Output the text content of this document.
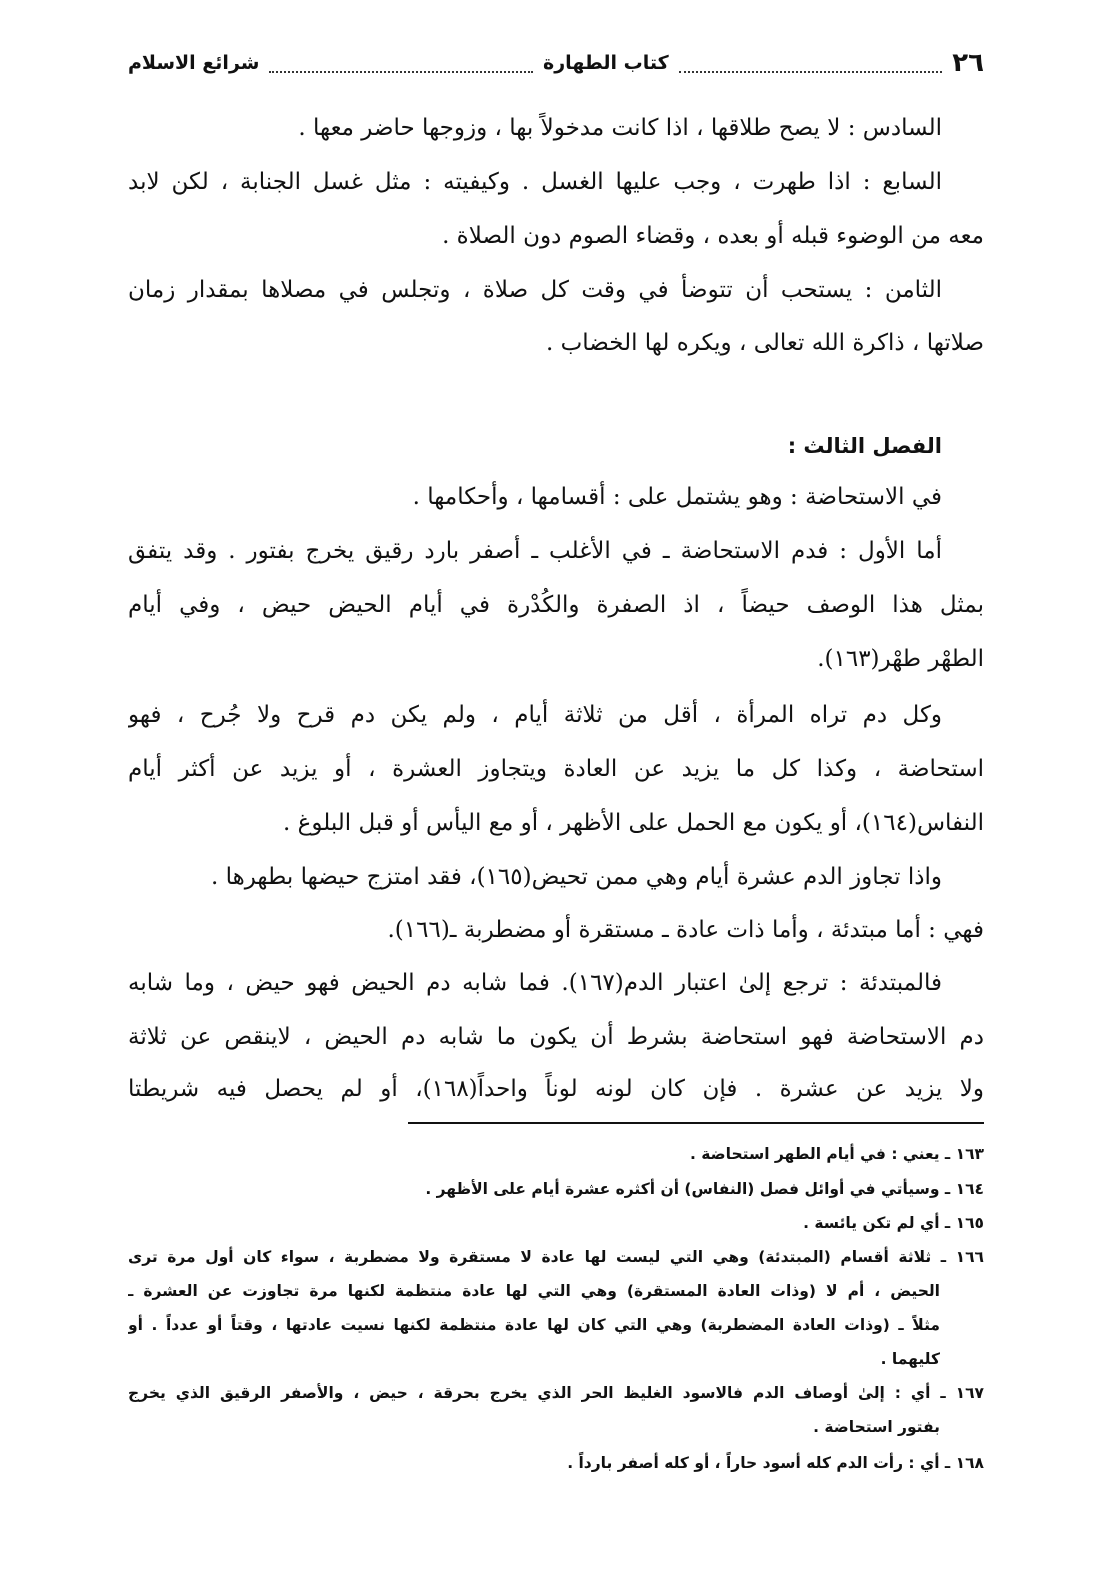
٢٦
كتاب الطهارة
شرائع الاسلام
السادس : لا يصح طلاقها ، اذا كانت مدخولاً بها ، وزوجها حاضر معها .
السابع : اذا طهرت ، وجب عليها الغسل . وكيفيته : مثل غسل الجنابة ، لكن لابد
معه من الوضوء قبله أو بعده ، وقضاء الصوم دون الصلاة .
الثامن : يستحب أن تتوضأ في وقت كل صلاة ، وتجلس في مصلاها بمقدار زمان
صلاتها ، ذاكرة الله تعالى ، ويكره لها الخضاب .
الفصل الثالث :
في الاستحاضة : وهو يشتمل على : أقسامها ، وأحكامها .
أما الأول : فدم الاستحاضة ـ في الأغلب ـ أصفر بارد رقيق يخرج بفتور . وقد يتفق
بمثل هذا الوصف حيضاً ، اذ الصفرة والكُدْرة في أيام الحيض حيض ، وفي أيام
الطهْر طهْر(١٦٣).
وكل دم تراه المرأة ، أقل من ثلاثة أيام ، ولم يكن دم قرح ولا جُرح ، فهو
استحاضة ، وكذا كل ما يزيد عن العادة ويتجاوز العشرة ، أو يزيد عن أكثر أيام
النفاس(١٦٤)، أو يكون مع الحمل على الأظهر ، أو مع اليأس أو قبل البلوغ .
واذا تجاوز الدم عشرة أيام وهي ممن تحيض(١٦٥)، فقد امتزج حيضها بطهرها .
فهي : أما مبتدئة ، وأما ذات عادة ـ مستقرة أو مضطربة ـ(١٦٦).
فالمبتدئة : ترجع إلىٰ اعتبار الدم(١٦٧). فما شابه دم الحيض فهو حيض ، وما شابه
دم الاستحاضة فهو استحاضة بشرط أن يكون ما شابه دم الحيض ، لاينقص عن ثلاثة
ولا يزيد عن عشرة . فإن كان لونه لوناً واحداً(١٦٨)، أو لم يحصل فيه شريطتا
١٦٣ ـ يعني : في أيام الطهر استحاضة .
١٦٤ ـ وسيأتي في أوائل فصل (النفاس) أن أكثره عشرة أيام على الأظهر .
١٦٥ ـ أي لم تكن يائسة .
١٦٦ ـ ثلاثة أقسام (المبتدئة) وهي التي ليست لها عادة لا مستقرة ولا مضطربة ، سواء كان أول مرة ترى
الحيض ، أم لا (وذات العادة المستقرة) وهي التي لها عادة منتظمة لكنها مرة تجاوزت عن العشرة ـ
مثلاً ـ (وذات العادة المضطربة) وهي التي كان لها عادة منتظمة لكنها نسيت عادتها ، وقتاً أو عدداً . أو
كليهما .
١٦٧ ـ أي : إلىٰ أوصاف الدم فالاسود الغليظ الحر الذي يخرج بحرقة ، حيض ، والأصفر الرقيق الذي يخرج
بفتور استحاضة .
١٦٨ ـ أي : رأت الدم كله أسود حاراً ، أو كله أصفر بارداً .
